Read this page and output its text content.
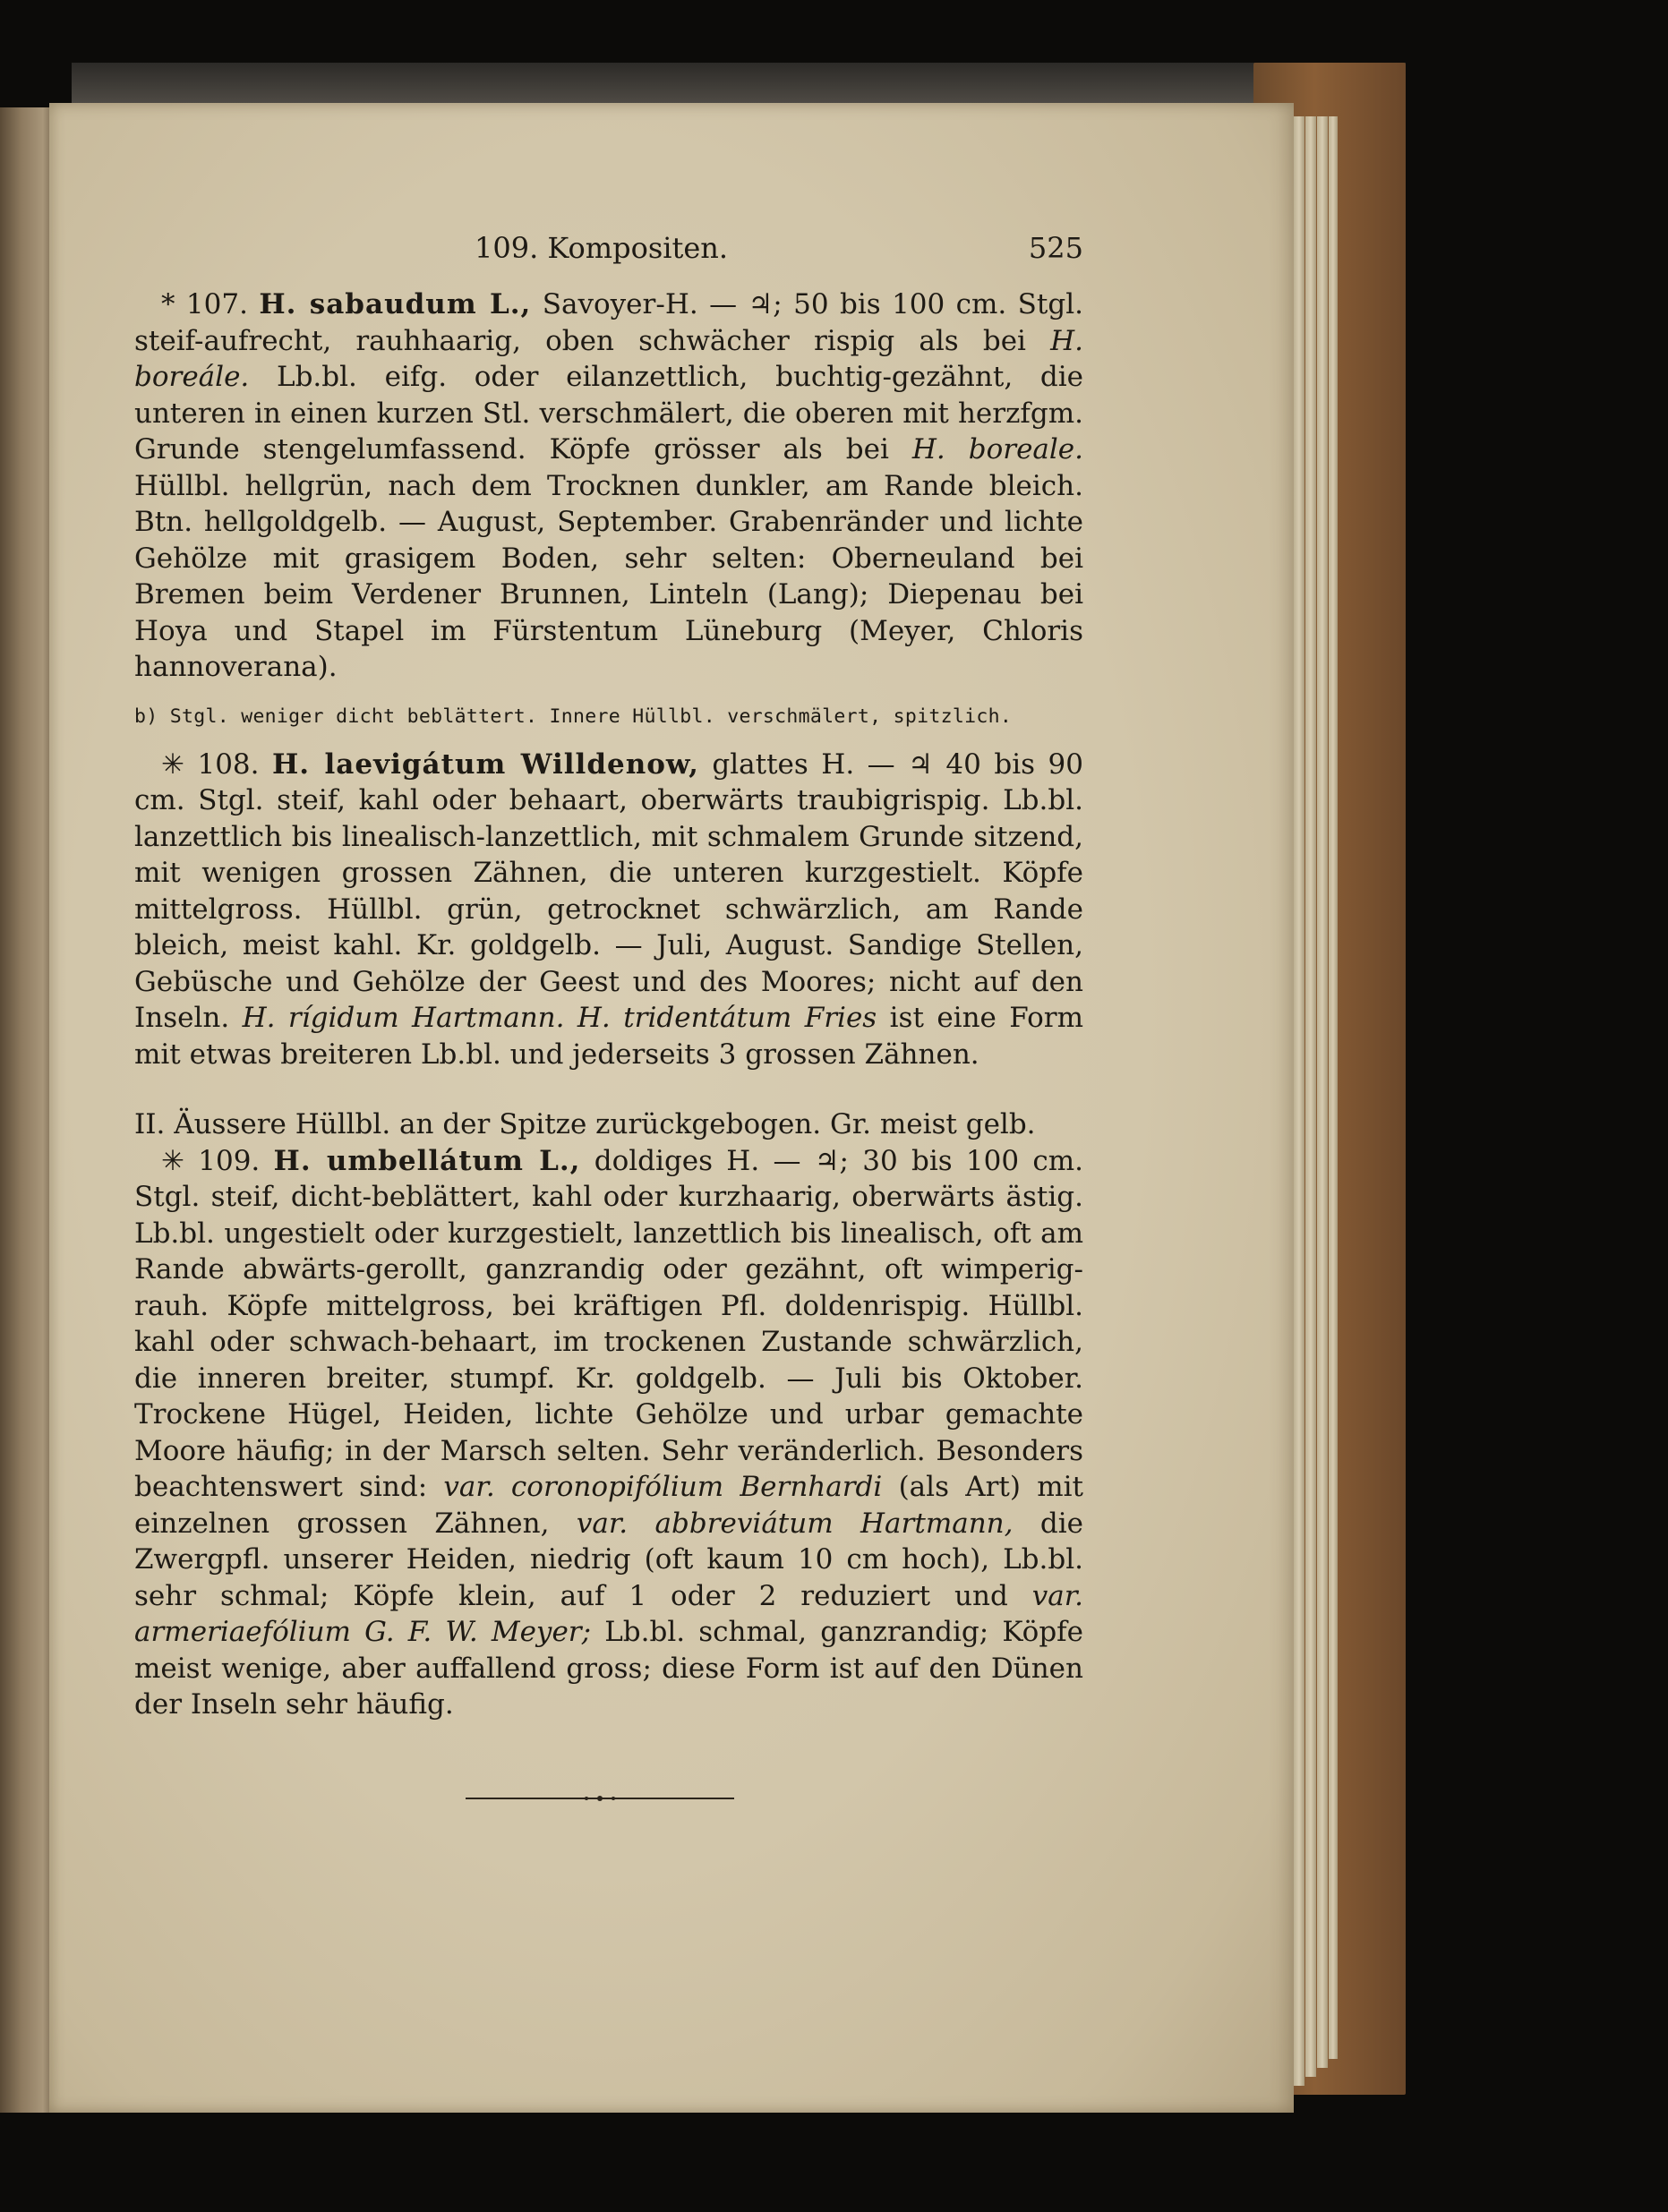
109. Kompositen.	525

* 107. H. sabaudum L., Savoyer-H. — ♃; 50 bis 100 cm. Stgl. steif-aufrecht, rauhhaarig, oben schwächer rispig als bei H. boreále. Lb.bl. eifg. oder eilanzettlich, buchtig-gezähnt, die unteren in einen kurzen Stl. verschmälert, die oberen mit herzfgm. Grunde stengelumfassend. Köpfe grösser als bei H. boreale. Hüllbl. hellgrün, nach dem Trocknen dunkler, am Rande bleich. Btn. hellgoldgelb. — August, September. Grabenränder und lichte Gehölze mit grasigem Boden, sehr selten: Oberneuland bei Bremen beim Verdener Brunnen, Linteln (Lang); Diepenau bei Hoya und Stapel im Fürstentum Lüneburg (Meyer, Chloris hannoverana).

b) Stgl. weniger dicht beblättert. Innere Hüllbl. verschmälert, spitzlich.

✳ 108. H. laevigátum Willdenow, glattes H. — ♃ 40 bis 90 cm. Stgl. steif, kahl oder behaart, oberwärts traubigrispig. Lb.bl. lanzettlich bis linealisch-lanzettlich, mit schmalem Grunde sitzend, mit wenigen grossen Zähnen, die unteren kurzgestielt. Köpfe mittelgross. Hüllbl. grün, getrocknet schwärzlich, am Rande bleich, meist kahl. Kr. goldgelb. — Juli, August. Sandige Stellen, Gebüsche und Gehölze der Geest und des Moores; nicht auf den Inseln. H. rígidum Hartmann. H. tridentátum Fries ist eine Form mit etwas breiteren Lb.bl. und jederseits 3 grossen Zähnen.

II. Äussere Hüllbl. an der Spitze zurückgebogen. Gr. meist gelb.

✳ 109. H. umbellátum L., doldiges H. — ♃; 30 bis 100 cm. Stgl. steif, dicht-beblättert, kahl oder kurzhaarig, oberwärts ästig. Lb.bl. ungestielt oder kurzgestielt, lanzettlich bis linealisch, oft am Rande abwärts-gerollt, ganzrandig oder gezähnt, oft wimperig-rauh. Köpfe mittelgross, bei kräftigen Pfl. doldenrispig. Hüllbl. kahl oder schwach-behaart, im trockenen Zustande schwärzlich, die inneren breiter, stumpf. Kr. goldgelb. — Juli bis Oktober. Trockene Hügel, Heiden, lichte Gehölze und urbar gemachte Moore häufig; in der Marsch selten. Sehr veränderlich. Besonders beachtenswert sind: var. coronopifólium Bernhardi (als Art) mit einzelnen grossen Zähnen, var. abbreviátum Hartmann, die Zwergpfl. unserer Heiden, niedrig (oft kaum 10 cm hoch), Lb.bl. sehr schmal; Köpfe klein, auf 1 oder 2 reduziert und var. armeriaefólium G. F. W. Meyer; Lb.bl. schmal, ganzrandig; Köpfe meist wenige, aber auffallend gross; diese Form ist auf den Dünen der Inseln sehr häufig.
